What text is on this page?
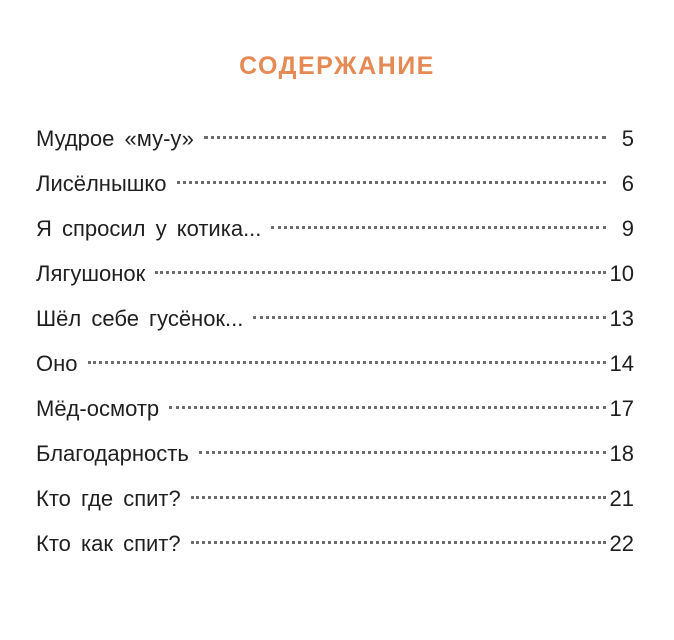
СОДЕРЖАНИЕ
Мудрое «му-у»	5
Лисёлнышко	6
Я спросил у котика...	9
Лягушонок	10
Шёл себе гусёнок...	13
Оно	14
Мёд-осмотр	17
Благодарность	18
Кто где спит?	21
Кто как спит?	22
